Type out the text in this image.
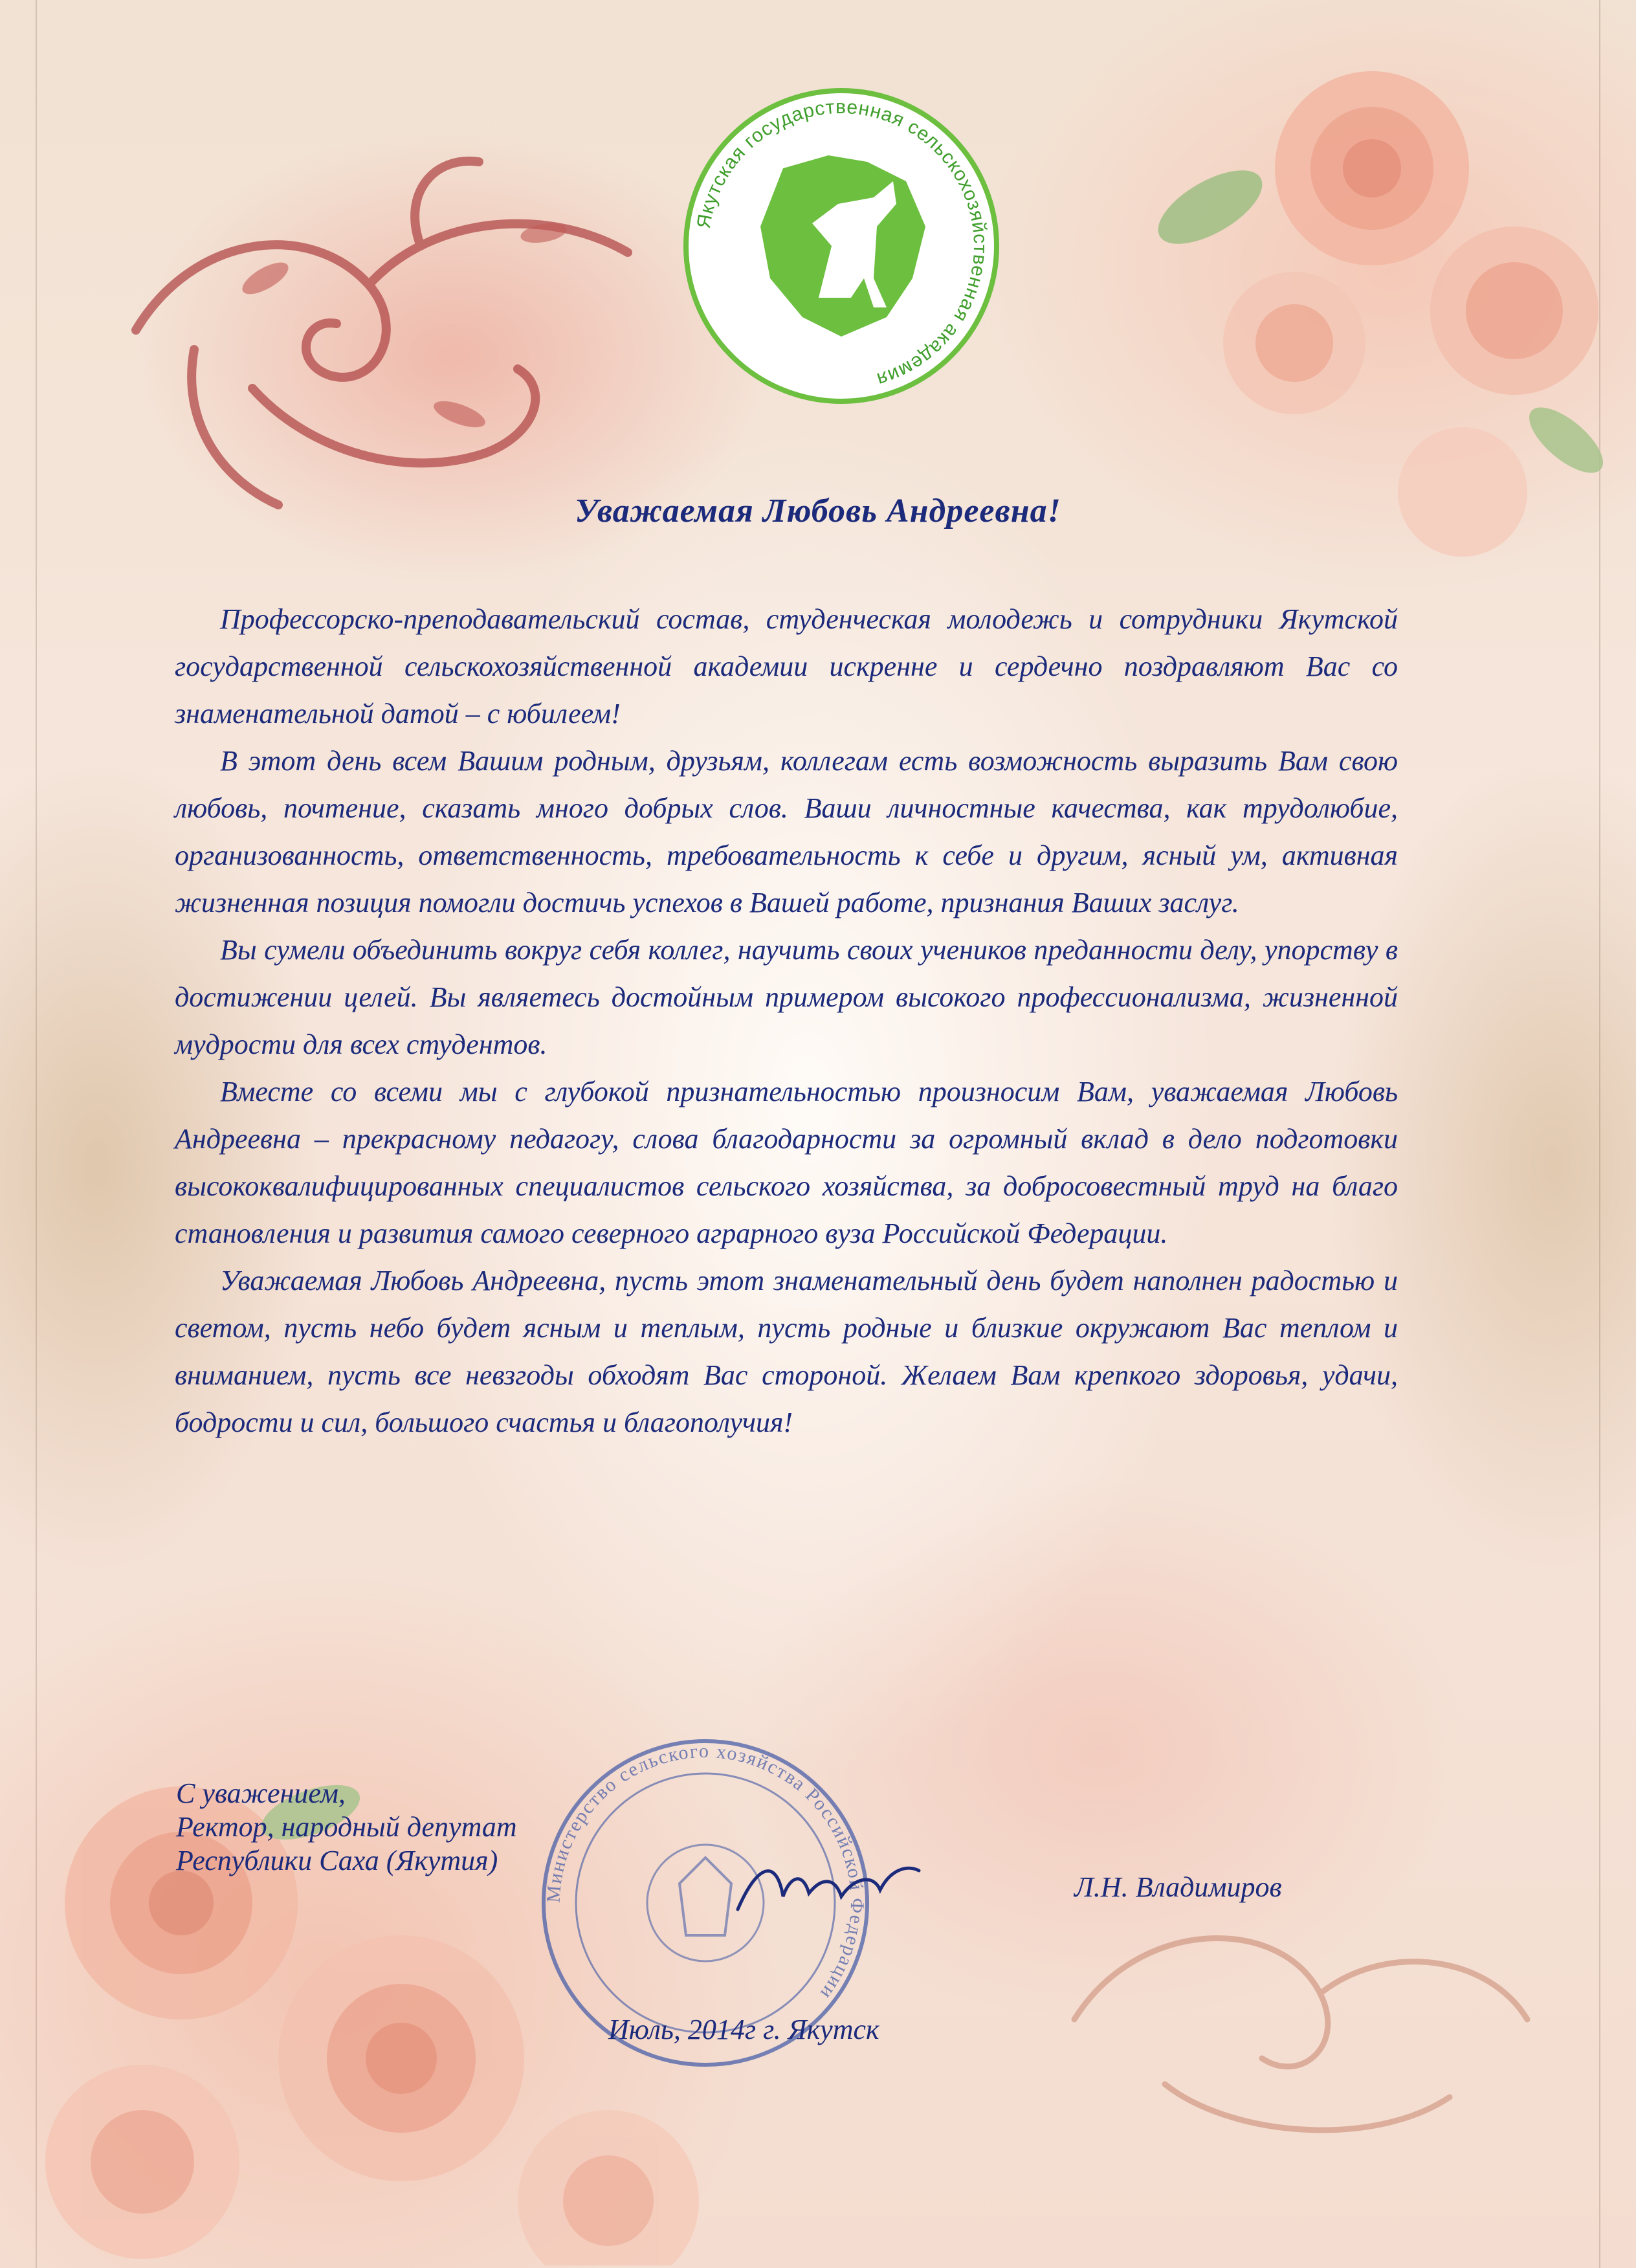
Якутская государственная сельскохозяйственная академия
Уважаемая Любовь Андреевна!

Профессорско-преподавательский состав, студенческая молодежь и сотрудники Якутской государственной сельскохозяйственной академии искренне и сердечно поздравляют Вас со знаменательной датой – с юбилеем!

В этот день всем Вашим родным, друзьям, коллегам есть возможность выразить Вам свою любовь, почтение, сказать много добрых слов. Ваши личностные качества, как трудолюбие, организованность, ответственность, требовательность к себе и другим, ясный ум, активная жизненная позиция помогли достичь успехов в Вашей работе, признания Ваших заслуг.

Вы сумели объединить вокруг себя коллег, научить своих учеников преданности делу, упорству в достижении целей. Вы являетесь достойным примером высокого профессионализма, жизненной мудрости для всех студентов.

Вместе со всеми мы с глубокой признательностью произносим Вам, уважаемая Любовь Андреевна – прекрасному педагогу, слова благодарности за огромный вклад в дело подготовки высококвалифицированных специалистов сельского хозяйства, за добросовестный труд на благо становления и развития самого северного аграрного вуза Российской Федерации.

Уважаемая Любовь Андреевна, пусть этот знаменательный день будет наполнен радостью и светом, пусть небо будет ясным и теплым, пусть родные и близкие окружают Вас теплом и вниманием, пусть все невзгоды обходят Вас стороной. Желаем Вам крепкого здоровья, удачи, бодрости и сил, большого счастья и благополучия!

С уважением,
Ректор, народный депутат
Республики Саха (Якутия)
Министерство сельского хозяйства Российской Федерации
Л.Н. Владимиров
Июль, 2014г г. Якутск
